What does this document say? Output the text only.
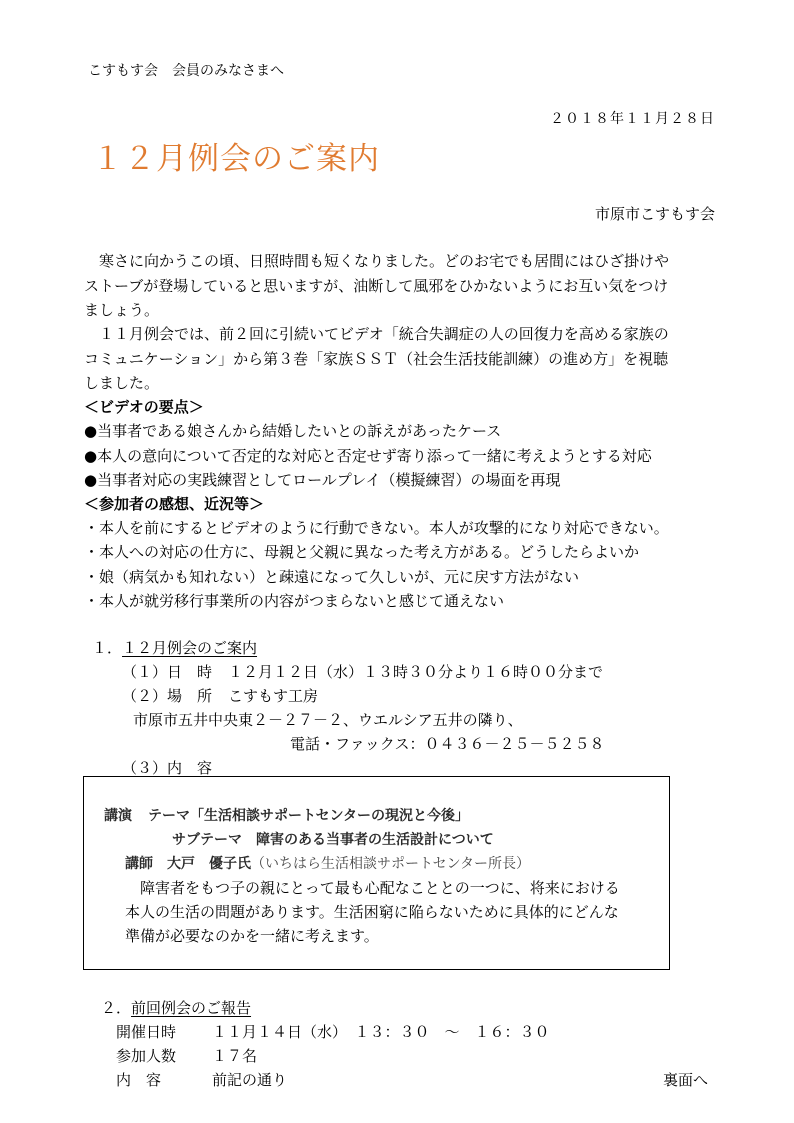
こすもす会　会員のみなさまへ
２０１８年１１月２８日
１２月例会のご案内
市原市こすもす会
　寒さに向かうこの頃、日照時間も短くなりました。どのお宅でも居間にはひざ掛けや
ストーブが登場していると思いますが、油断して風邪をひかないようにお互い気をつけ
ましょう。
　１１月例会では、前２回に引続いてビデオ「統合失調症の人の回復力を高める家族の
コミュニケーション」から第３巻「家族ＳＳＴ（社会生活技能訓練）の進め方」を視聴
しました。
＜ビデオの要点＞
●当事者である娘さんから結婚したいとの訴えがあったケース
●本人の意向について否定的な対応と否定せず寄り添って一緒に考えようとする対応
●当事者対応の実践練習としてロールプレイ（模擬練習）の場面を再現
＜参加者の感想、近況等＞
・本人を前にするとビデオのように行動できない。本人が攻撃的になり対応できない。
・本人への対応の仕方に、母親と父親に異なった考え方がある。どうしたらよいか
・娘（病気かも知れない）と疎遠になって久しいが、元に戻す方法がない
・本人が就労移行事業所の内容がつまらないと感じて通えない
１．１２月例会のご案内
（１）日　時 １２月１２日（水）１３時３０分より１６時００分まで
（２）場　所 こすもす工房
市原市五井中央東２－２７－２、ウエルシア五井の隣り、
電話・ファックス：０４３６－２５－５２５８
（３）内　容
講演 テーマ「生活相談サポートセンターの現況と今後」
サブテーマ　障害のある当事者の生活設計について
講師 大戸　優子氏（いちはら生活相談サポートセンター所長）
　障害者をもつ子の親にとって最も心配なこととの一つに、将来における
本人の生活の問題があります。生活困窮に陥らないために具体的にどんな
準備が必要なのかを一緒に考えます。
２．前回例会のご報告
開催日時 １１月１４日（水）　１３：３０　～　１６：３０
参加人数 １７名
内　容	前記の通り	裏面へ
